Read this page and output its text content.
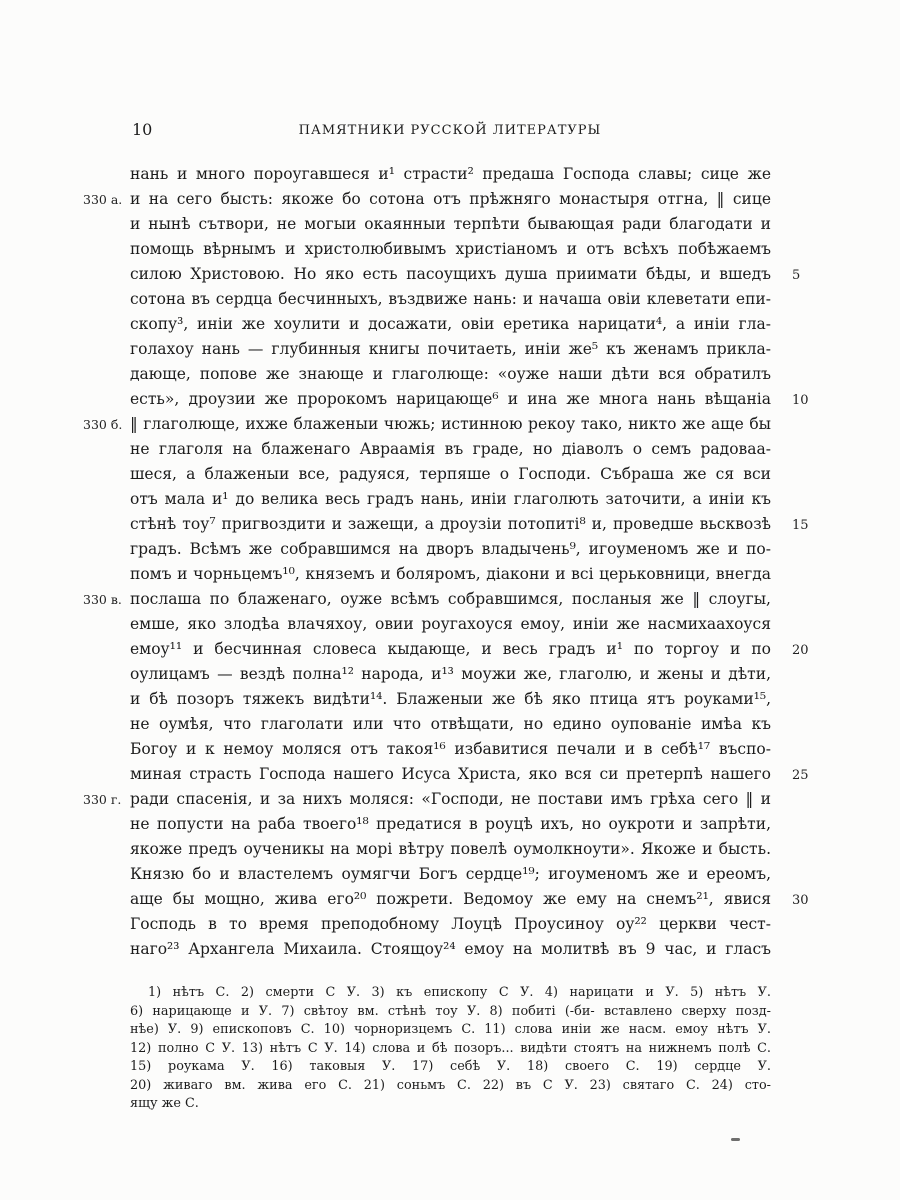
10	ПАМЯТНИКИ РУССКОЙ ЛИТЕРАТУРЫ
нань и много пороугавшеся и¹ страсти² предаша Господа славы; сице же
330 а. и на сего бысть: якоже бо сотона отъ прѣжняго монастыря отгна, ‖ сице
и нынѣ сътвори, не могыи окаянныи терпѣти бывающая ради благодати и
помощь вѣрнымъ и христолюбивымъ христіаномъ и отъ всѣхъ побѣжаемъ
силою Христовою. Но яко есть пасоущихъ душа приимати бѣды, и вшедъ	5
сотона въ сердца бесчинныхъ, въздвиже нань: и начаша овіи клеветати епи-
скопу³, иніи же хоулити и досажати, овіи еретика нарицати⁴, а иніи гла-
голахоу нань — глубинныя книгы почитаеть, иніи же⁵ къ женамъ прикла-
дающе, попове же знающе и глаголюще: «оуже наши дѣти вся обратилъ
есть», дроузии же пророкомъ нарицающе⁶ и ина же многа нань вѣщаніа	10
330 б. ‖ глаголюще, ихже блаженыи чюжь; истинною рекоу тако, никто же аще бы
не глаголя на блаженаго Авраамія въ граде, но діаволъ о семъ радоваа-
шеся, а блаженыи все, радуяся, терпяше о Господи. Събраша же ся вси
отъ мала и¹ до велика весь градъ нань, иніи глаголють заточити, а иніи къ
стѣнѣ тоу⁷ пригвоздити и зажещи, а дроузіи потопиті⁸ и, проведше вьсквозѣ	15
градъ. Всѣмъ же собравшимся на дворъ владычень⁹, игоуменомъ же и по-
помъ и чорньцемъ¹⁰, княземъ и боляромъ, діакони и всі церьковници, внегда
330 в. послаша по блаженаго, оуже всѣмъ собравшимся, посланыя же ‖ слоугы,
емше, яко злодѣа влачяхоу, овии роугахоуся емоу, иніи же насмихаахоуся
емоу¹¹ и бесчинная словеса кыдающе, и весь градъ и¹ по торгоу и по	20
оулицамъ — вездѣ полна¹² народа, и¹³ моужи же, глаголю, и жены и дѣти,
и бѣ позоръ тяжекъ видѣти¹⁴. Блаженыи же бѣ яко птица ятъ роуками¹⁵,
не оумѣя, что глаголати или что отвѣщати, но едино оупованіе имѣа къ
Богоу и к немоу моляся отъ такоя¹⁶ избавитися печали и в себѣ¹⁷ въспо-
миная страсть Господа нашего Исуса Христа, яко вся си претерпѣ нашего	25
330 г. ради спасенія, и за нихъ моляся: «Господи, не постави имъ грѣха сего ‖ и
не попусти на раба твоего¹⁸ предатися в роуцѣ ихъ, но оукроти и запрѣти,
якоже предъ оученикы на морі вѣтру повелѣ оумолкноути». Якоже и бысть.
Князю бо и властелемъ оумягчи Богъ сердце¹⁹; игоуменомъ же и ереомъ,
аще бы мощно, жива его²⁰ пожрети. Ведомоу же ему на снемъ²¹, явися	30
Господь в то время преподобному Лоуцѣ Проусиноу оу²² церкви чест-
наго²³ Архангела Михаила. Стоящоу²⁴ емоу на молитвѣ въ 9 час, и гласъ
1) нѣтъ С. 2) смерти С У. 3) къ епископу С У. 4) нарицати и У. 5) нѣтъ У.
6) нарицающе и У. 7) свѣтоу вм. стѣнѣ тоу У. 8) побиті (-би- вставлено сверху позд-
нѣе) У. 9) епископовъ С. 10) чорноризцемъ С. 11) слова иніи же насм. емоу нѣтъ У.
12) полно С У. 13) нѣтъ С У. 14) слова и бѣ позоръ... видѣти стоятъ на нижнемъ полѣ С.
15) роукама У. 16) таковыя У. 17) себѣ У. 18) своего С. 19) сердце У.
20) живаго вм. жива его С. 21) соньмъ С. 22) въ С У. 23) святаго С. 24) сто-
ящу же С.
